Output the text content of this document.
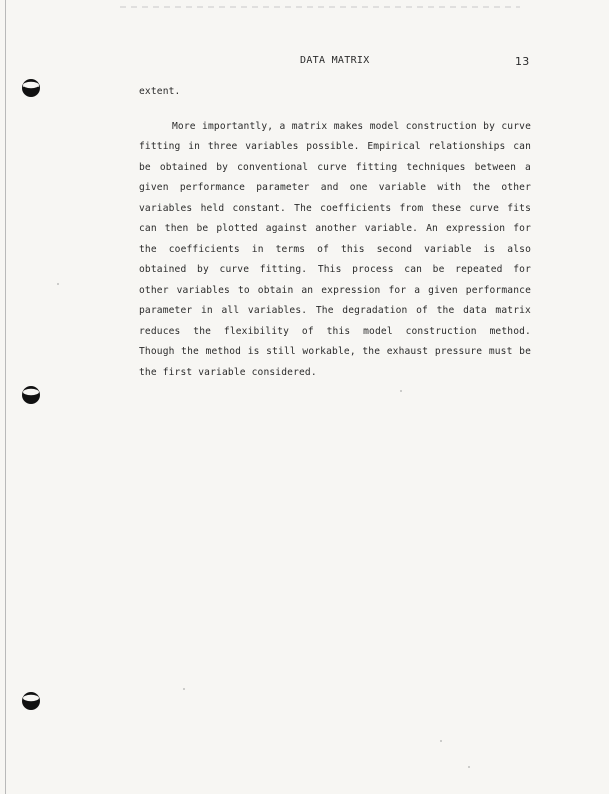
DATA MATRIX	13
extent.
More importantly, a matrix makes model construction by curve
fitting in three variables possible. Empirical relationships can
be obtained by conventional curve fitting techniques between a
given performance parameter and one variable with the other
variables held constant. The coefficients from these curve fits
can then be plotted against another variable. An expression for
the coefficients in terms of this second variable is also
obtained by curve fitting. This process can be repeated for
other variables to obtain an expression for a given performance
parameter in all variables. The degradation of the data matrix
reduces the flexibility of this model construction method.
Though the method is still workable, the exhaust pressure must be
the first variable considered.
